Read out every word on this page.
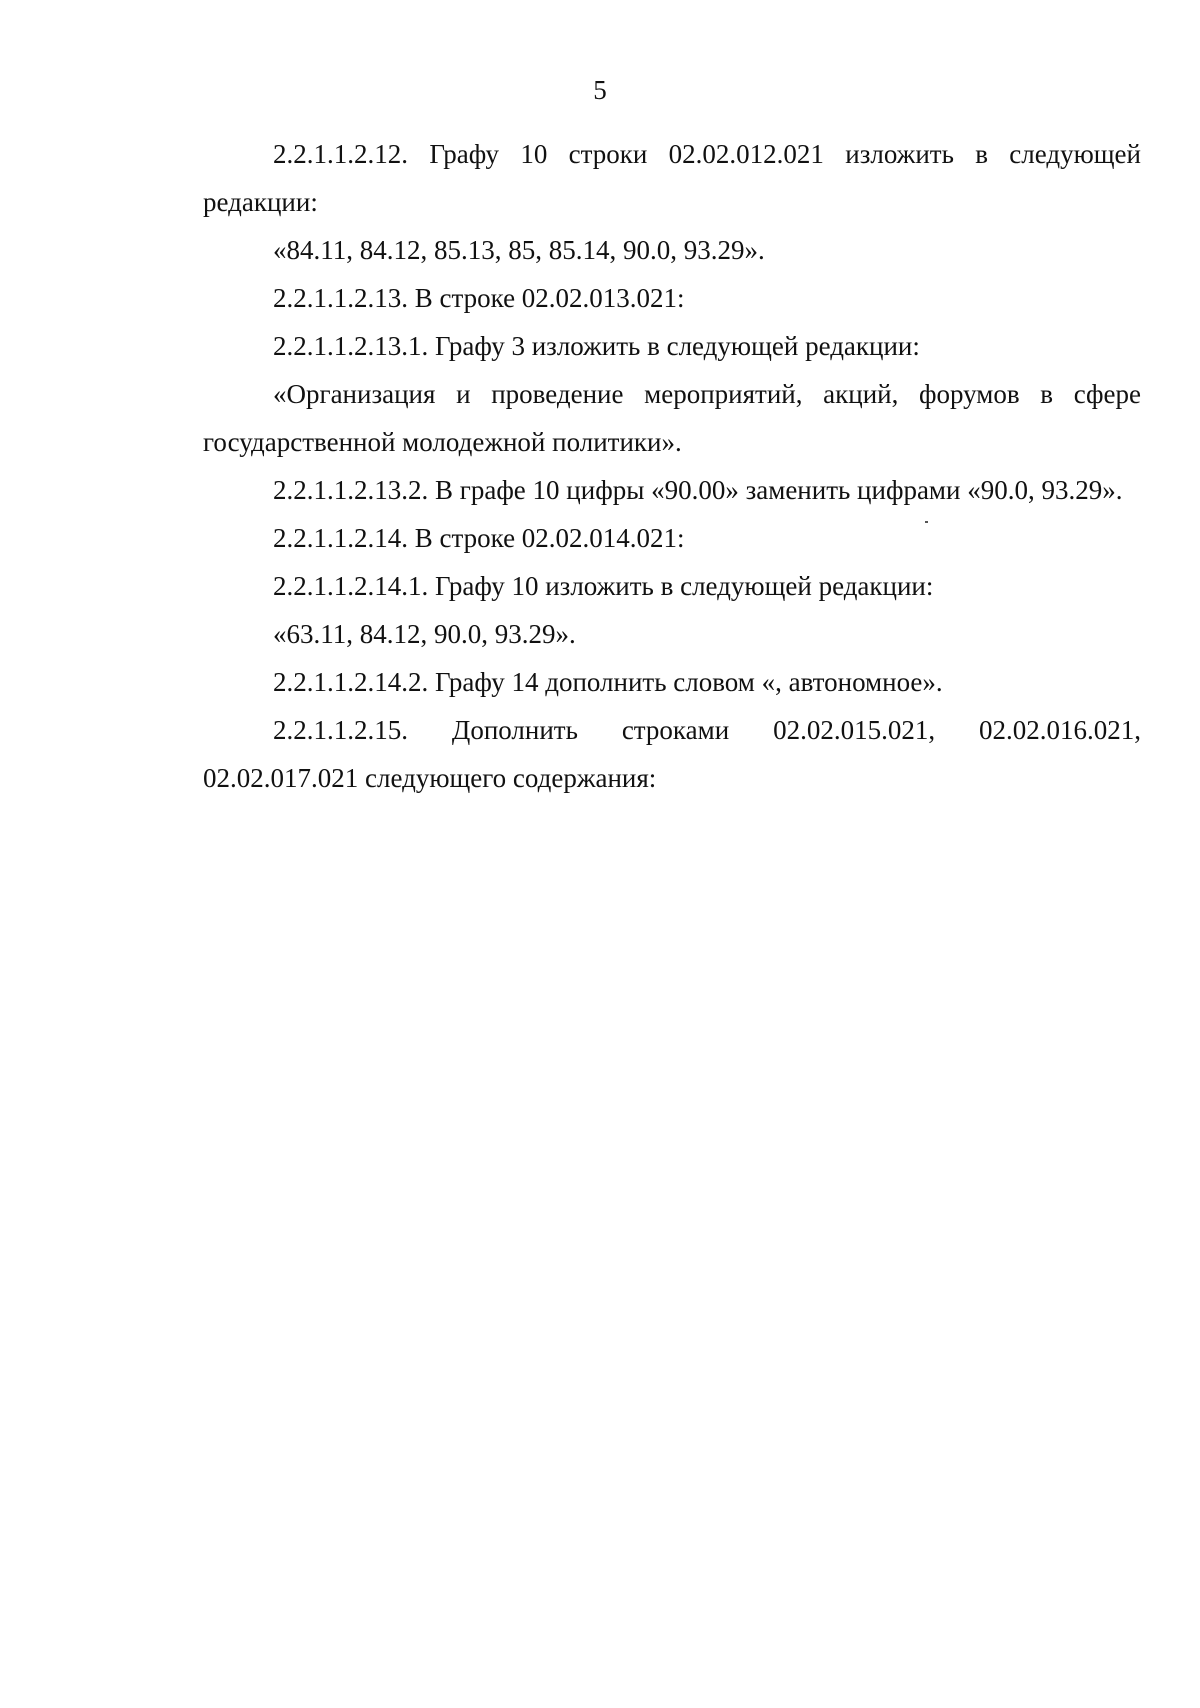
5

2.2.1.1.2.12. Графу 10 строки 02.02.012.021 изложить в следующей редакции:

«84.11, 84.12, 85.13, 85, 85.14, 90.0, 93.29».

2.2.1.1.2.13. В строке 02.02.013.021:

2.2.1.1.2.13.1. Графу 3 изложить в следующей редакции:

«Организация и проведение мероприятий, акций, форумов в сфере государственной молодежной политики».

2.2.1.1.2.13.2. В графе 10 цифры «90.00» заменить цифрами «90.0, 93.29».

2.2.1.1.2.14. В строке 02.02.014.021:

2.2.1.1.2.14.1. Графу 10 изложить в следующей редакции:

«63.11, 84.12, 90.0, 93.29».

2.2.1.1.2.14.2. Графу 14 дополнить словом «, автономное».

2.2.1.1.2.15. Дополнить строками 02.02.015.021, 02.02.016.021, 02.02.017.021 следующего содержания:
